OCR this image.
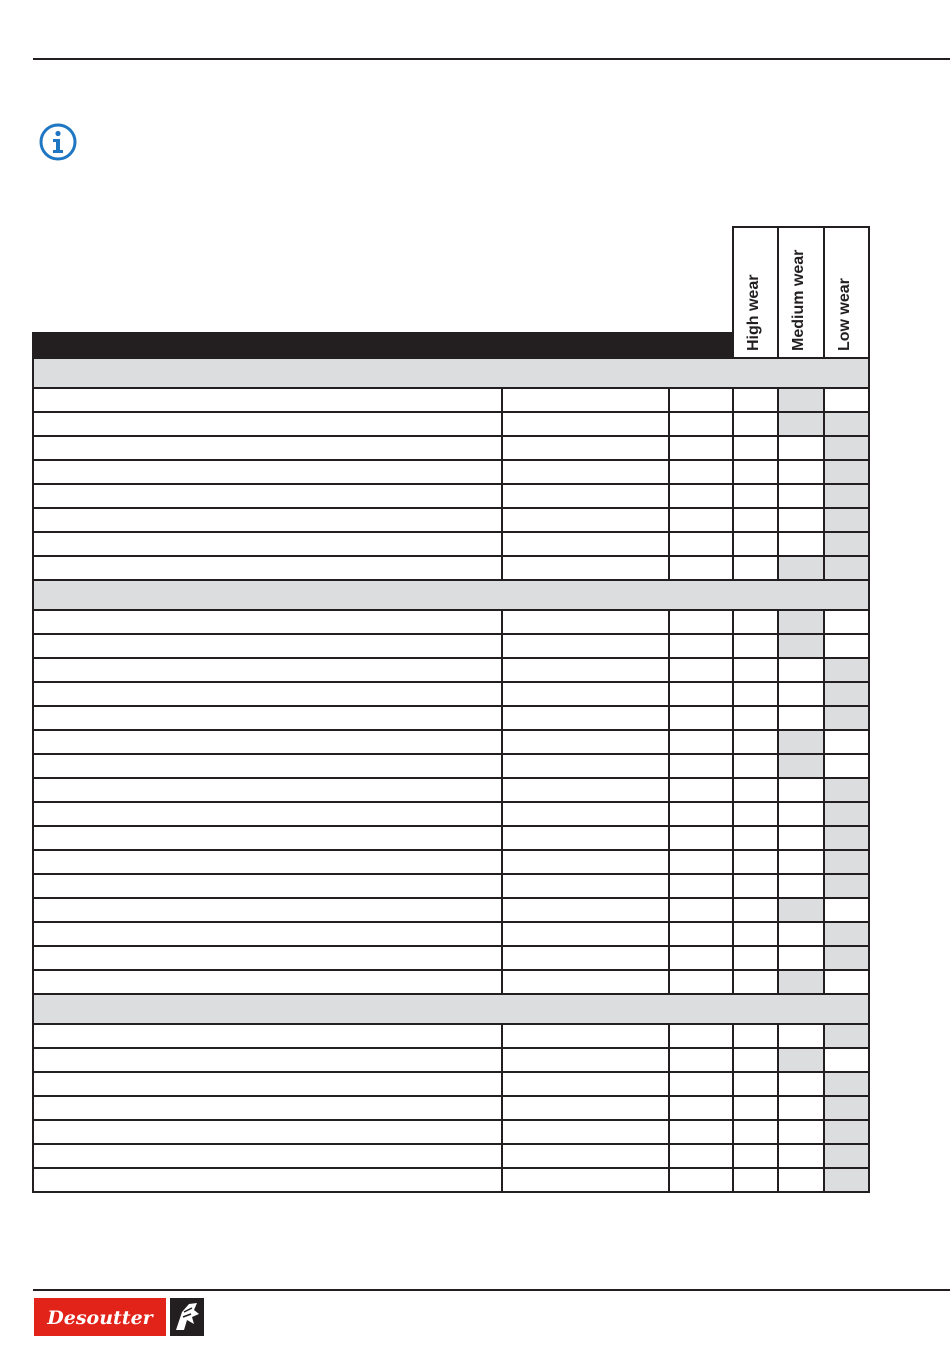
			High wear	Medium wear	Low wear

Desoutter
